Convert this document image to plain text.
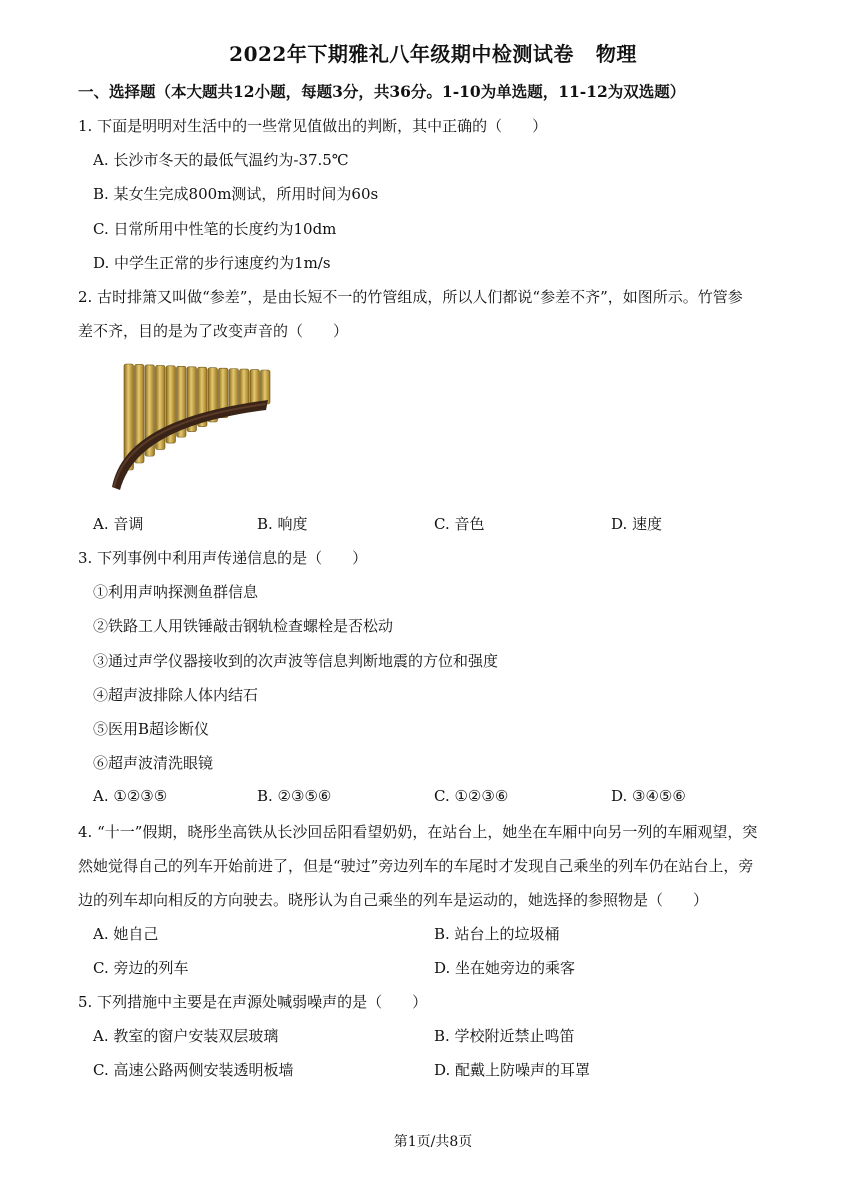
2022年下期雅礼八年级期中检测试卷 物理
一、选择题（本大题共12小题，每题3分，共36分。1-10为单选题，11-12为双选题）
1. 下面是明明对生活中的一些常见值做出的判断，其中正确的（　　）
A. 长沙市冬天的最低气温约为-37.5℃
B. 某女生完成800m测试，所用时间为60s
C. 日常所用中性笔的长度约为10dm
D. 中学生正常的步行速度约为1m/s
2. 古时排箫又叫做“参差”，是由长短不一的竹管组成，所以人们都说“参差不齐”，如图所示。竹管参
差不齐，目的是为了改变声音的（　　）
A. 音调	B. 响度	C. 音色	D. 速度
3. 下列事例中利用声传递信息的是（　　）
①利用声呐探测鱼群信息
②铁路工人用铁锤敲击钢轨检查螺栓是否松动
③通过声学仪器接收到的次声波等信息判断地震的方位和强度
④超声波排除人体内结石
⑤医用B超诊断仪
⑥超声波清洗眼镜
A. ①②③⑤	B. ②③⑤⑥	C. ①②③⑥	D. ③④⑤⑥
4. “十一”假期，晓彤坐高铁从长沙回岳阳看望奶奶，在站台上，她坐在车厢中向另一列的车厢观望，突
然她觉得自己的列车开始前进了，但是“驶过”旁边列车的车尾时才发现自己乘坐的列车仍在站台上，旁
边的列车却向相反的方向驶去。晓彤认为自己乘坐的列车是运动的，她选择的参照物是（　　）
A. 她自己	B. 站台上的垃圾桶
C. 旁边的列车	D. 坐在她旁边的乘客
5. 下列措施中主要是在声源处喊弱噪声的是（　　）
A. 教室的窗户安装双层玻璃	B. 学校附近禁止鸣笛
C. 高速公路两侧安装透明板墙	D. 配戴上防噪声的耳罩
第1页/共8页
